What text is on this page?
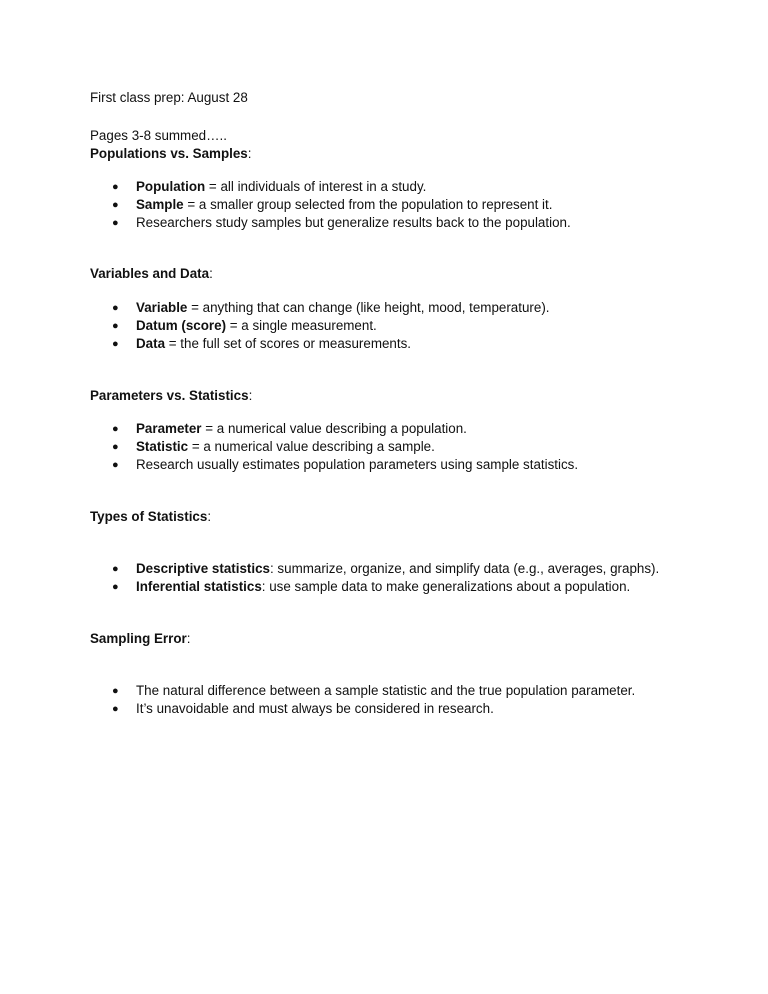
First class prep: August 28
Pages 3-8 summed…..
Populations vs. Samples:
● Population = all individuals of interest in a study.
● Sample = a smaller group selected from the population to represent it.
● Researchers study samples but generalize results back to the population.
Variables and Data:
● Variable = anything that can change (like height, mood, temperature).
● Datum (score) = a single measurement.
● Data = the full set of scores or measurements.
Parameters vs. Statistics:
● Parameter = a numerical value describing a population.
● Statistic = a numerical value describing a sample.
● Research usually estimates population parameters using sample statistics.
Types of Statistics:
● Descriptive statistics: summarize, organize, and simplify data (e.g., averages, graphs).
● Inferential statistics: use sample data to make generalizations about a population.
Sampling Error:
● The natural difference between a sample statistic and the true population parameter.
● It’s unavoidable and must always be considered in research.
